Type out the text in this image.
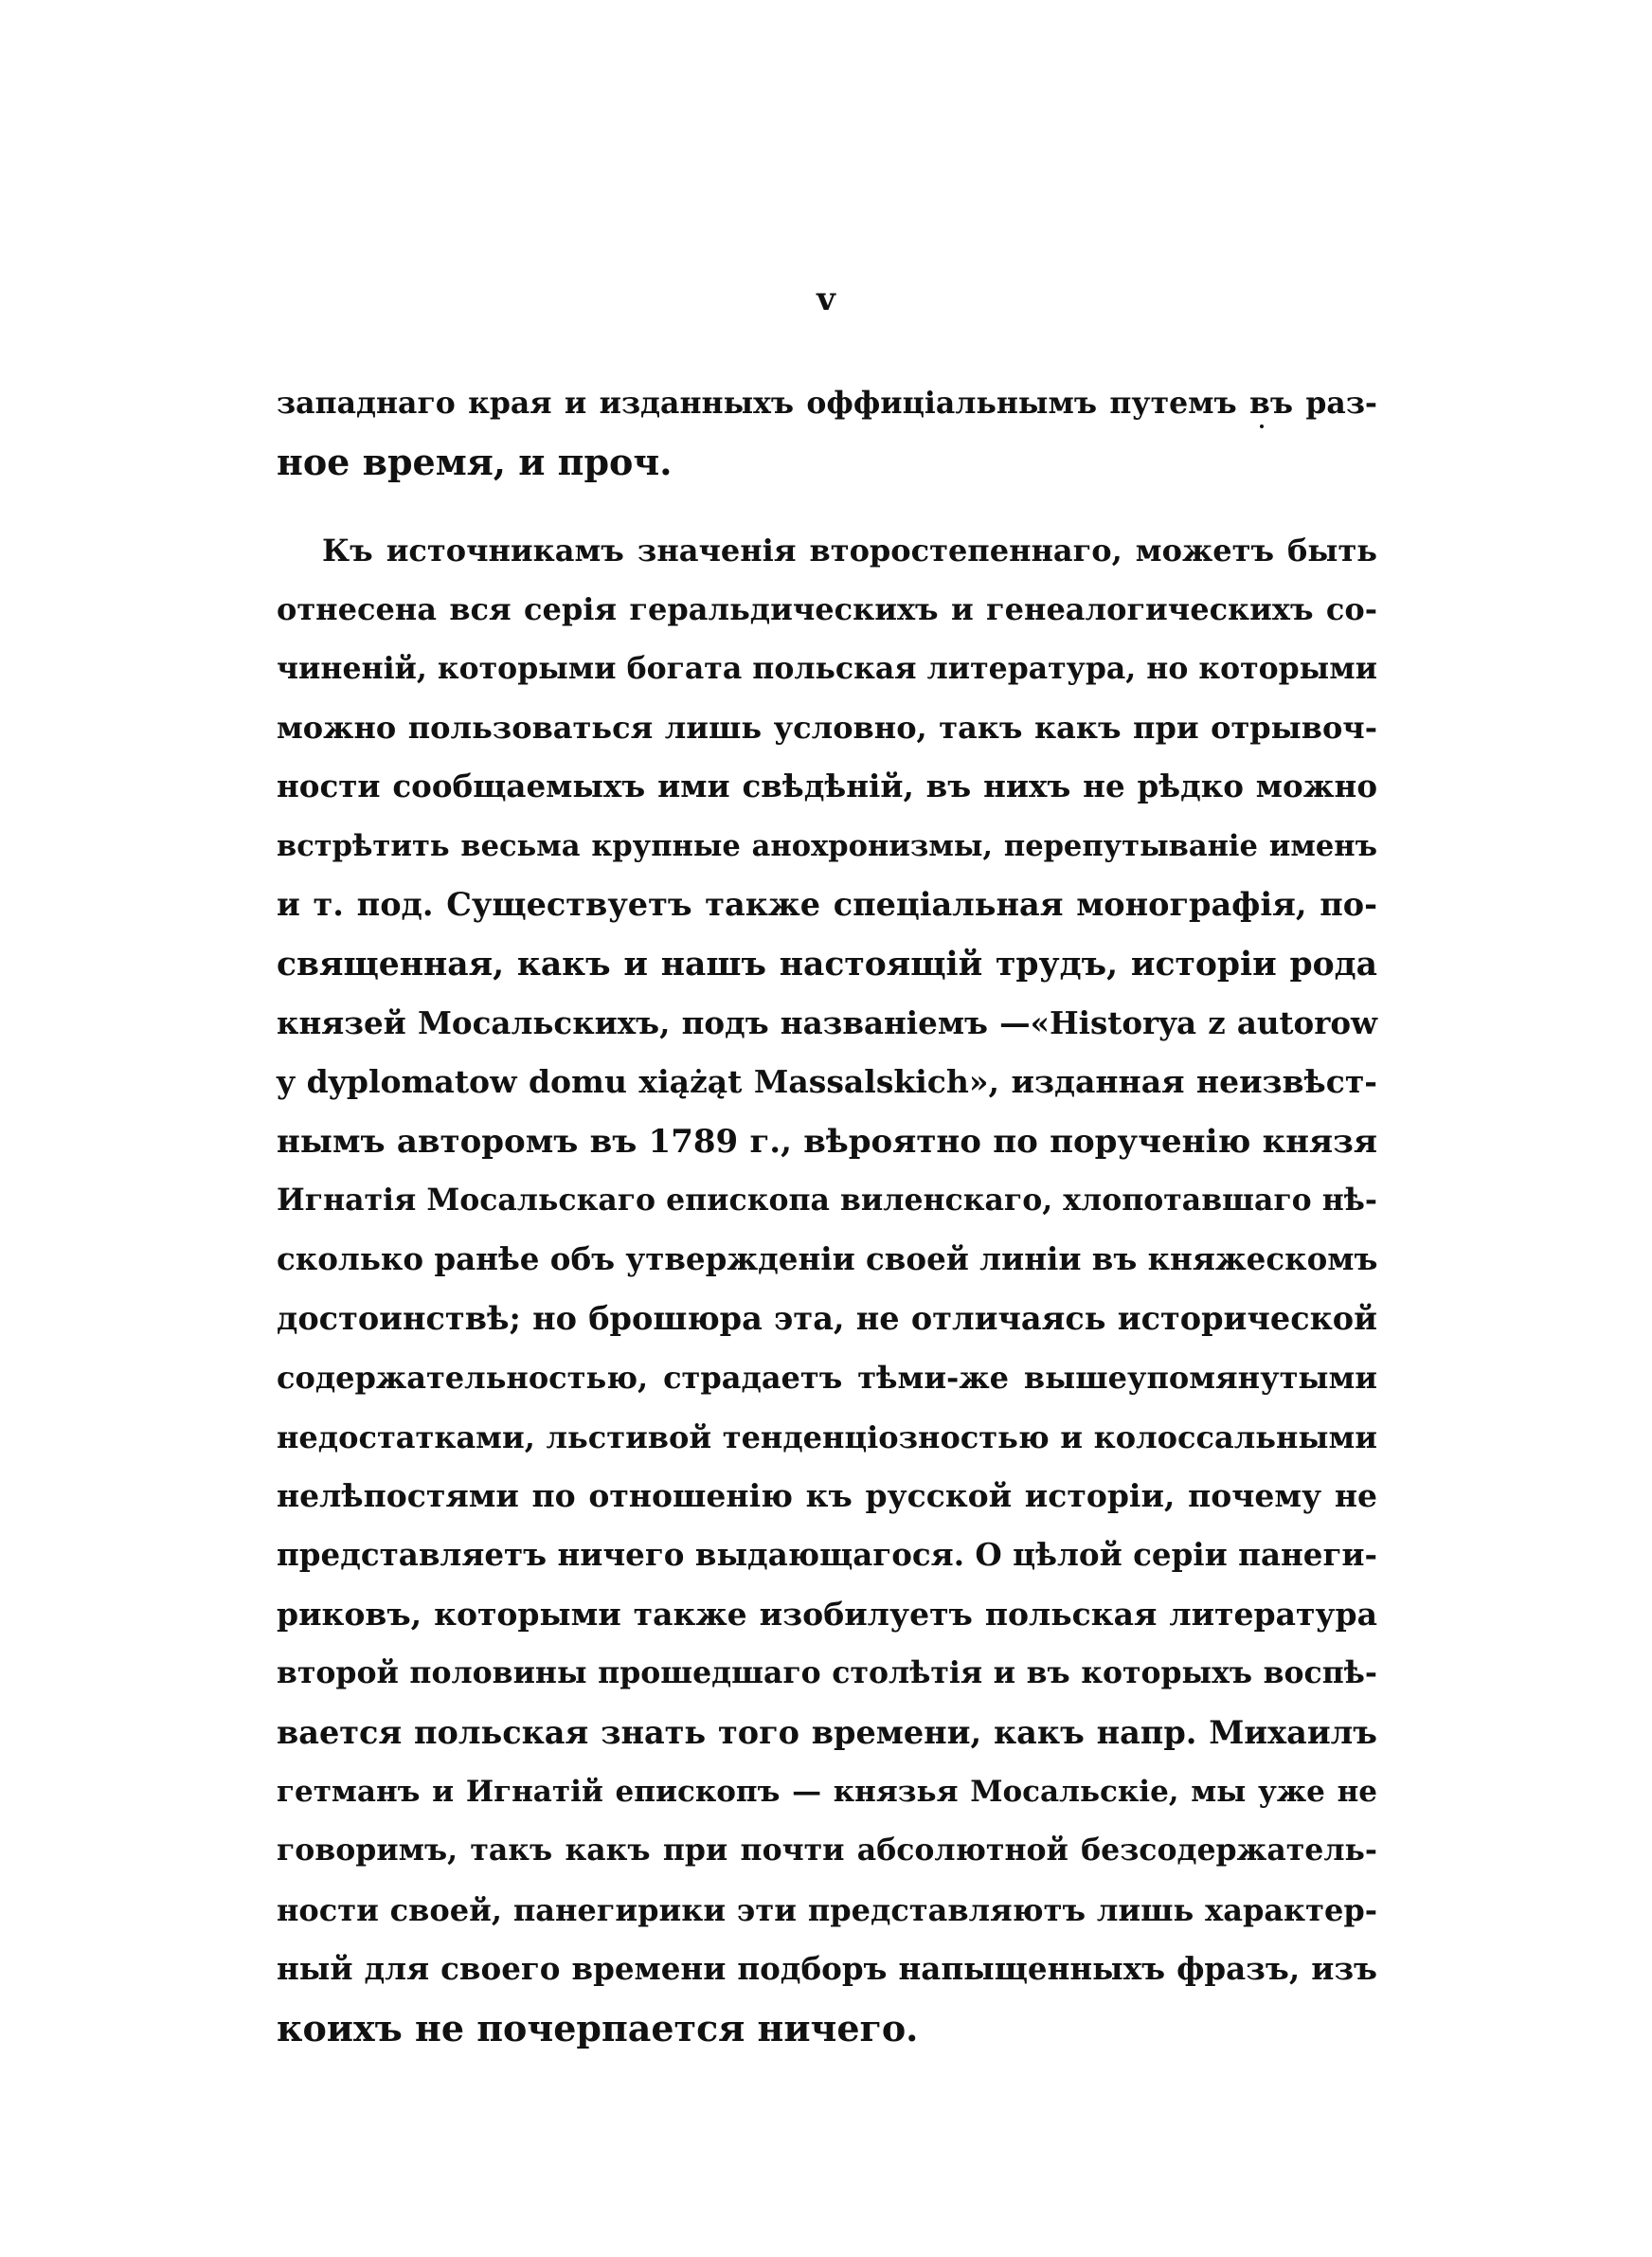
v
западнаго края и изданныхъ оффиціальнымъ путемъ въ раз-
ное время, и проч.
Къ источникамъ значенія второстепеннаго, можетъ быть
отнесена вся серія геральдическихъ и генеалогическихъ со-
чиненій, которыми богата польская литература, но которыми
можно пользоваться лишь условно, такъ какъ при отрывоч-
ности сообщаемыхъ ими свѣдѣній, въ нихъ не рѣдко можно
встрѣтить весьма крупные анохронизмы, перепутываніе именъ
и т. под. Существуетъ также спеціальная монографія, по-
священная, какъ и нашъ настоящій трудъ, исторіи рода
князей Мосальскихъ, подъ названіемъ —«Historya z autorow
y dyplomatow domu xiążąt Massalskich», изданная неизвѣст-
нымъ авторомъ въ 1789 г., вѣроятно по порученію князя
Игнатія Мосальскаго епископа виленскаго, хлопотавшаго нѣ-
сколько ранѣе объ утвержденіи своей линіи въ княжескомъ
достоинствѣ; но брошюра эта, не отличаясь исторической
содержательностью, страдаетъ тѣми-же вышеупомянутыми
недостатками, льстивой тенденціозностью и колоссальными
нелѣпостями по отношенію къ русской исторіи, почему не
представляетъ ничего выдающагося. О цѣлой серіи панеги-
риковъ, которыми также изобилуетъ польская литература
второй половины прошедшаго столѣтія и въ которыхъ воспѣ-
вается польская знать того времени, какъ напр. Михаилъ
гетманъ и Игнатій епископъ — князья Мосальскіе, мы уже не
говоримъ, такъ какъ при почти абсолютной безсодержатель-
ности своей, панегирики эти представляютъ лишь характер-
ный для своего времени подборъ напыщенныхъ фразъ, изъ
коихъ не почерпается ничего.
